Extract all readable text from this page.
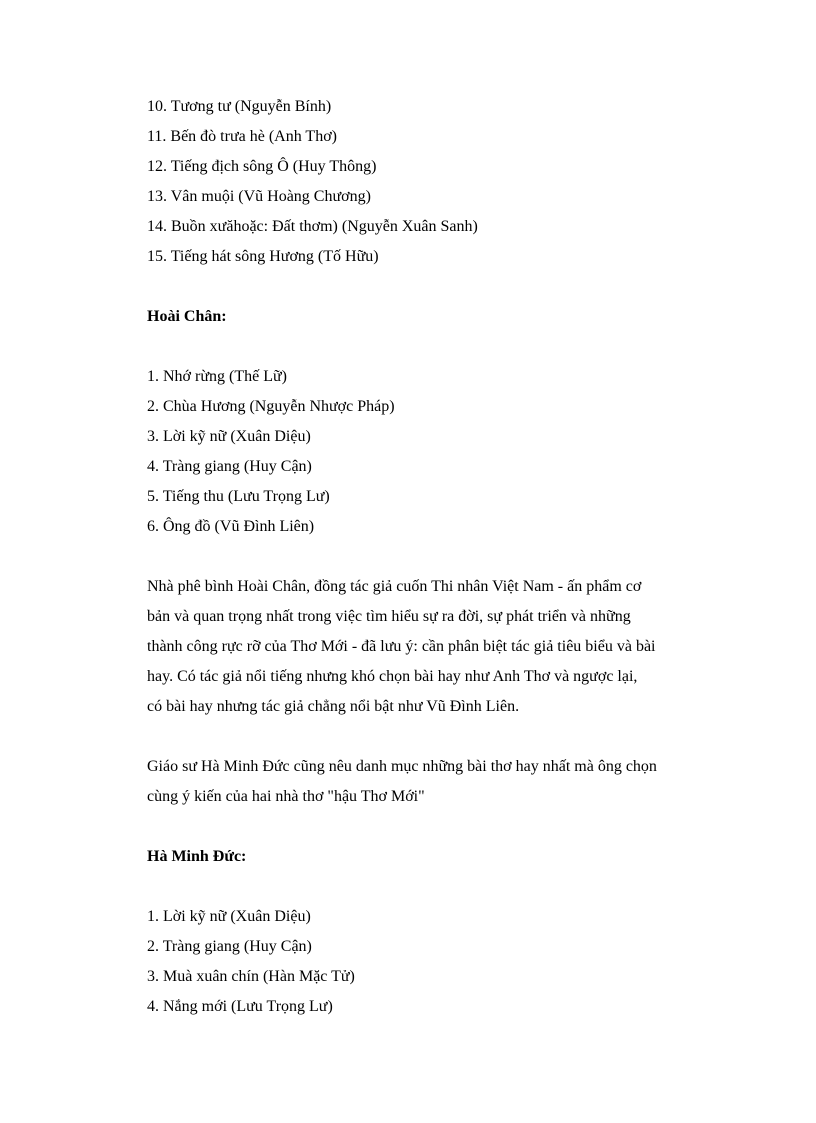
10. Tương tư (Nguyễn Bính)

11. Bến đò trưa hè (Anh Thơ)

12. Tiếng địch sông Ô (Huy Thông)

13. Vân muội (Vũ Hoàng Chương)

14. Buồn xưăhoặc: Đất thơm) (Nguyễn Xuân Sanh)

15. Tiếng hát sông Hương (Tố Hữu)

Hoài Chân:

1. Nhớ rừng (Thế Lữ)

2. Chùa Hương (Nguyễn Nhược Pháp)

3. Lời kỹ nữ (Xuân Diệu)

4. Tràng giang (Huy Cận)

5. Tiếng thu (Lưu Trọng Lư)

6. Ông đồ (Vũ Đình Liên)

Nhà phê bình Hoài Chân, đồng tác giả cuốn Thi nhân Việt Nam - ấn phẩm cơ

bản và quan trọng nhất trong việc tìm hiểu sự ra đời, sự phát triển và những

thành công rực rỡ của Thơ Mới - đã lưu ý: cần phân biệt tác giả tiêu biểu và bài

hay. Có tác giả nổi tiếng nhưng khó chọn bài hay như Anh Thơ và ngược lại,

có bài hay nhưng tác giả chẳng nổi bật như Vũ Đình Liên.

Giáo sư Hà Minh Đức cũng nêu danh mục những bài thơ hay nhất mà ông chọn

cùng ý kiến của hai nhà thơ "hậu Thơ Mới"

Hà Minh Đức:

1. Lời kỹ nữ (Xuân Diệu)

2. Tràng giang (Huy Cận)

3. Muà xuân chín (Hàn Mặc Tử)

4. Nắng mới (Lưu Trọng Lư)
